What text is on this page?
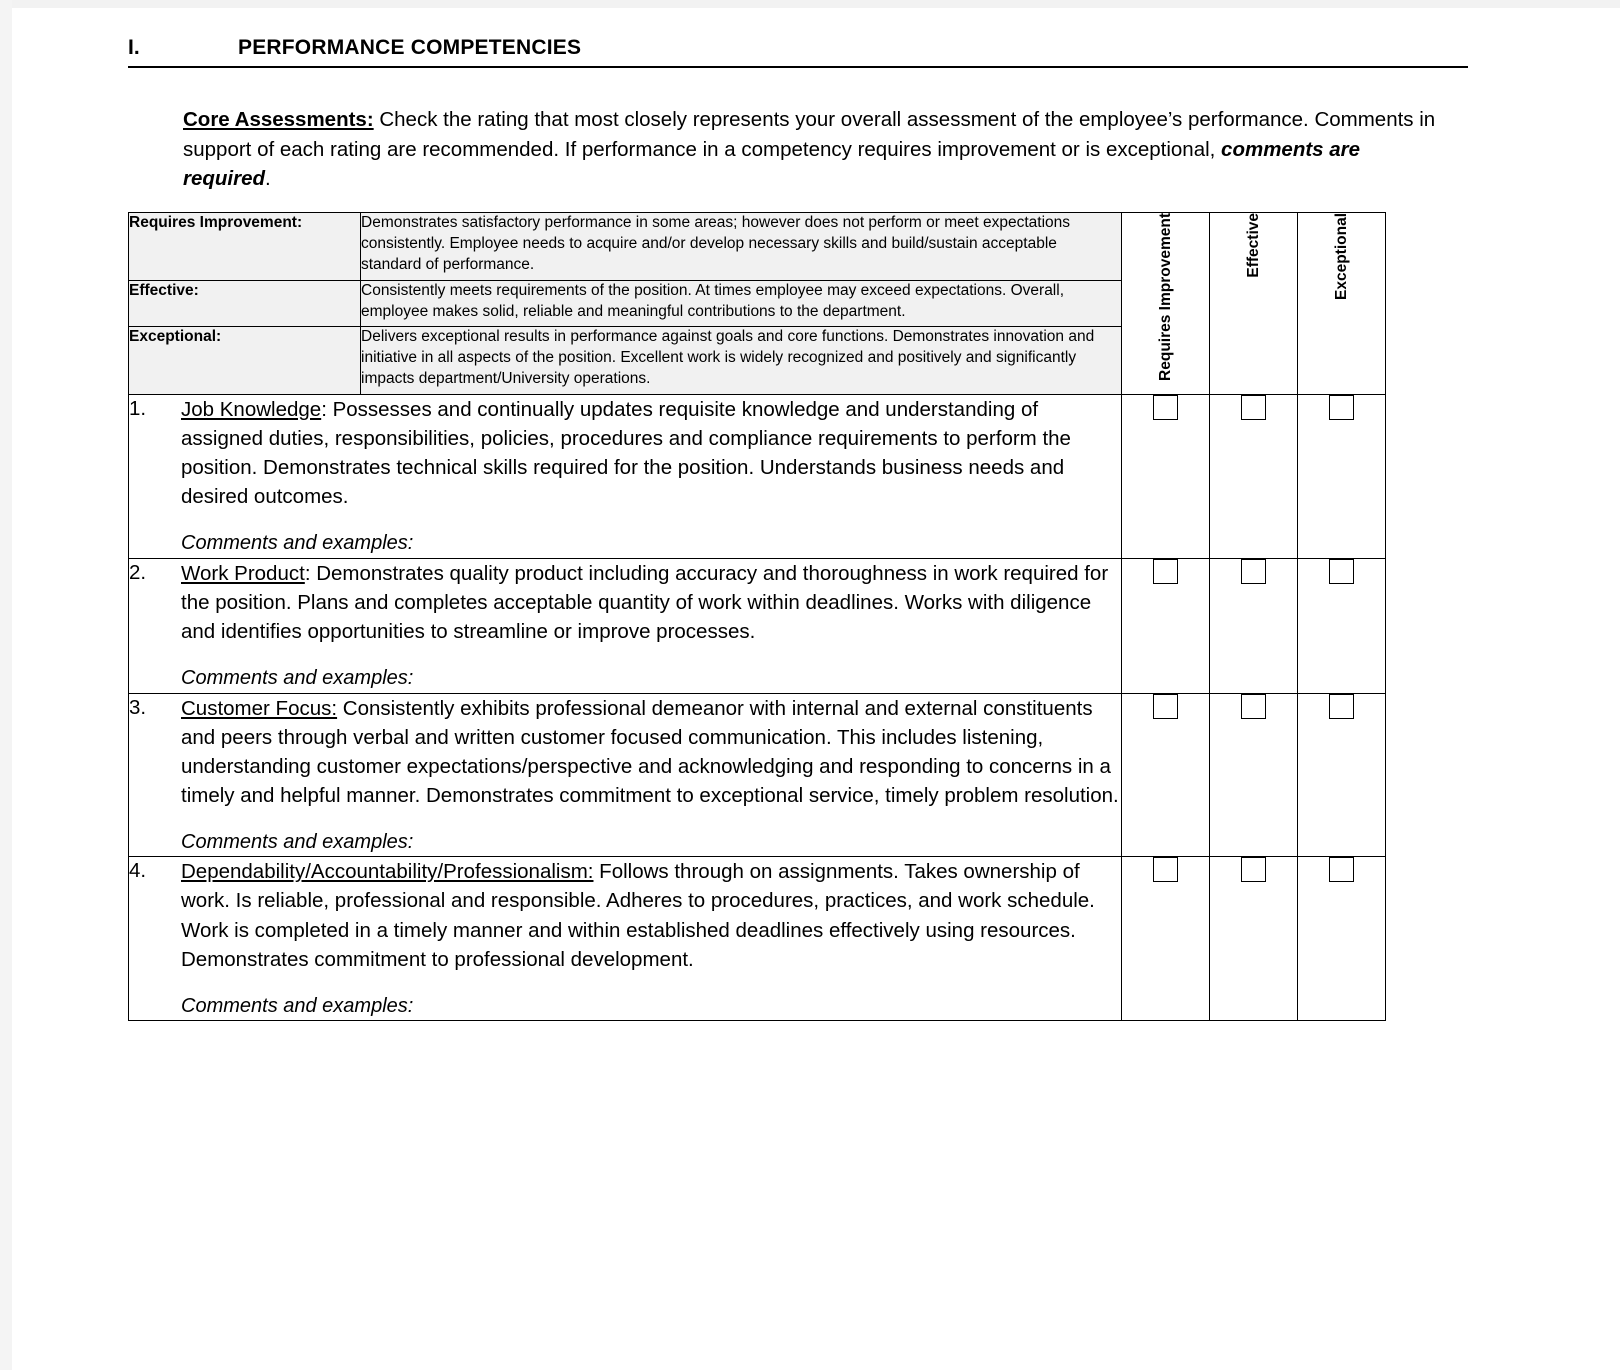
I.	PERFORMANCE COMPETENCIES
Core Assessments: Check the rating that most closely represents your overall assessment of the employee’s performance. Comments in support of each rating are recommended. If performance in a competency requires improvement or is exceptional, comments are required.
Requires Improvement:	Demonstrates satisfactory performance in some areas; however does not perform or meet expectations consistently. Employee needs to acquire and/or develop necessary skills and build/sustain acceptable standard of performance.	Requires Improvement	Effective	Exceptional
Effective:	Consistently meets requirements of the position. At times employee may exceed expectations. Overall, employee makes solid, reliable and meaningful contributions to the department.			
Exceptional:	Delivers exceptional results in performance against goals and core functions. Demonstrates innovation and initiative in all aspects of the position. Excellent work is widely recognized and positively and significantly impacts department/University operations.			

1. Job Knowledge: Possesses and continually updates requisite knowledge and understanding of assigned duties, responsibilities, policies, procedures and compliance requirements to perform the position. Demonstrates technical skills required for the position. Understands business needs and desired outcomes.
Comments and examples:				

2. Work Product: Demonstrates quality product including accuracy and thoroughness in work required for the position. Plans and completes acceptable quantity of work within deadlines. Works with diligence and identifies opportunities to streamline or improve processes.
Comments and examples:				

3. Customer Focus: Consistently exhibits professional demeanor with internal and external constituents and peers through verbal and written customer focused communication. This includes listening, understanding customer expectations/perspective and acknowledging and responding to concerns in a timely and helpful manner. Demonstrates commitment to exceptional service, timely problem resolution.
Comments and examples:				

4. Dependability/Accountability/Professionalism: Follows through on assignments. Takes ownership of work. Is reliable, professional and responsible. Adheres to procedures, practices, and work schedule. Work is completed in a timely manner and within established deadlines effectively using resources. Demonstrates commitment to professional development.
Comments and examples:				
